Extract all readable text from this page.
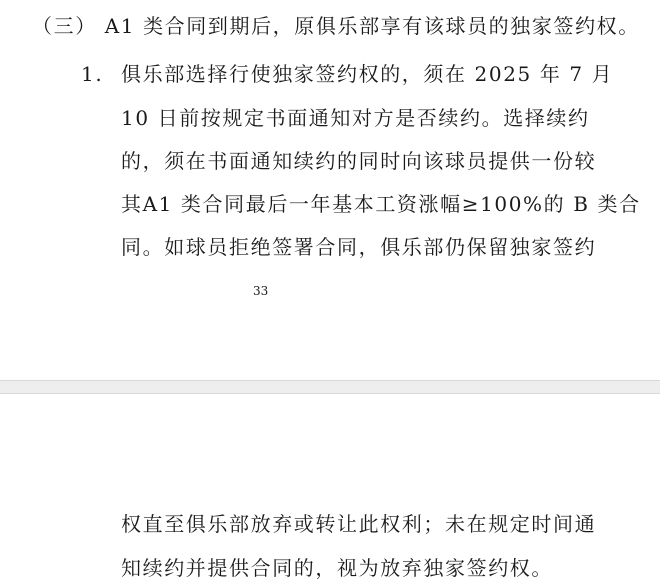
（三） A1 类合同到期后，原俱乐部享有该球员的独家签约权。
1. 俱乐部选择行使独家签约权的，须在 2025 年 7 月
10 日前按规定书面通知对方是否续约。选择续约
的，须在书面通知续约的同时向该球员提供一份较
其A1 类合同最后一年基本工资涨幅≥100%的 B 类合
同。如球员拒绝签署合同，俱乐部仍保留独家签约
33
权直至俱乐部放弃或转让此权利；未在规定时间通
知续约并提供合同的，视为放弃独家签约权。
